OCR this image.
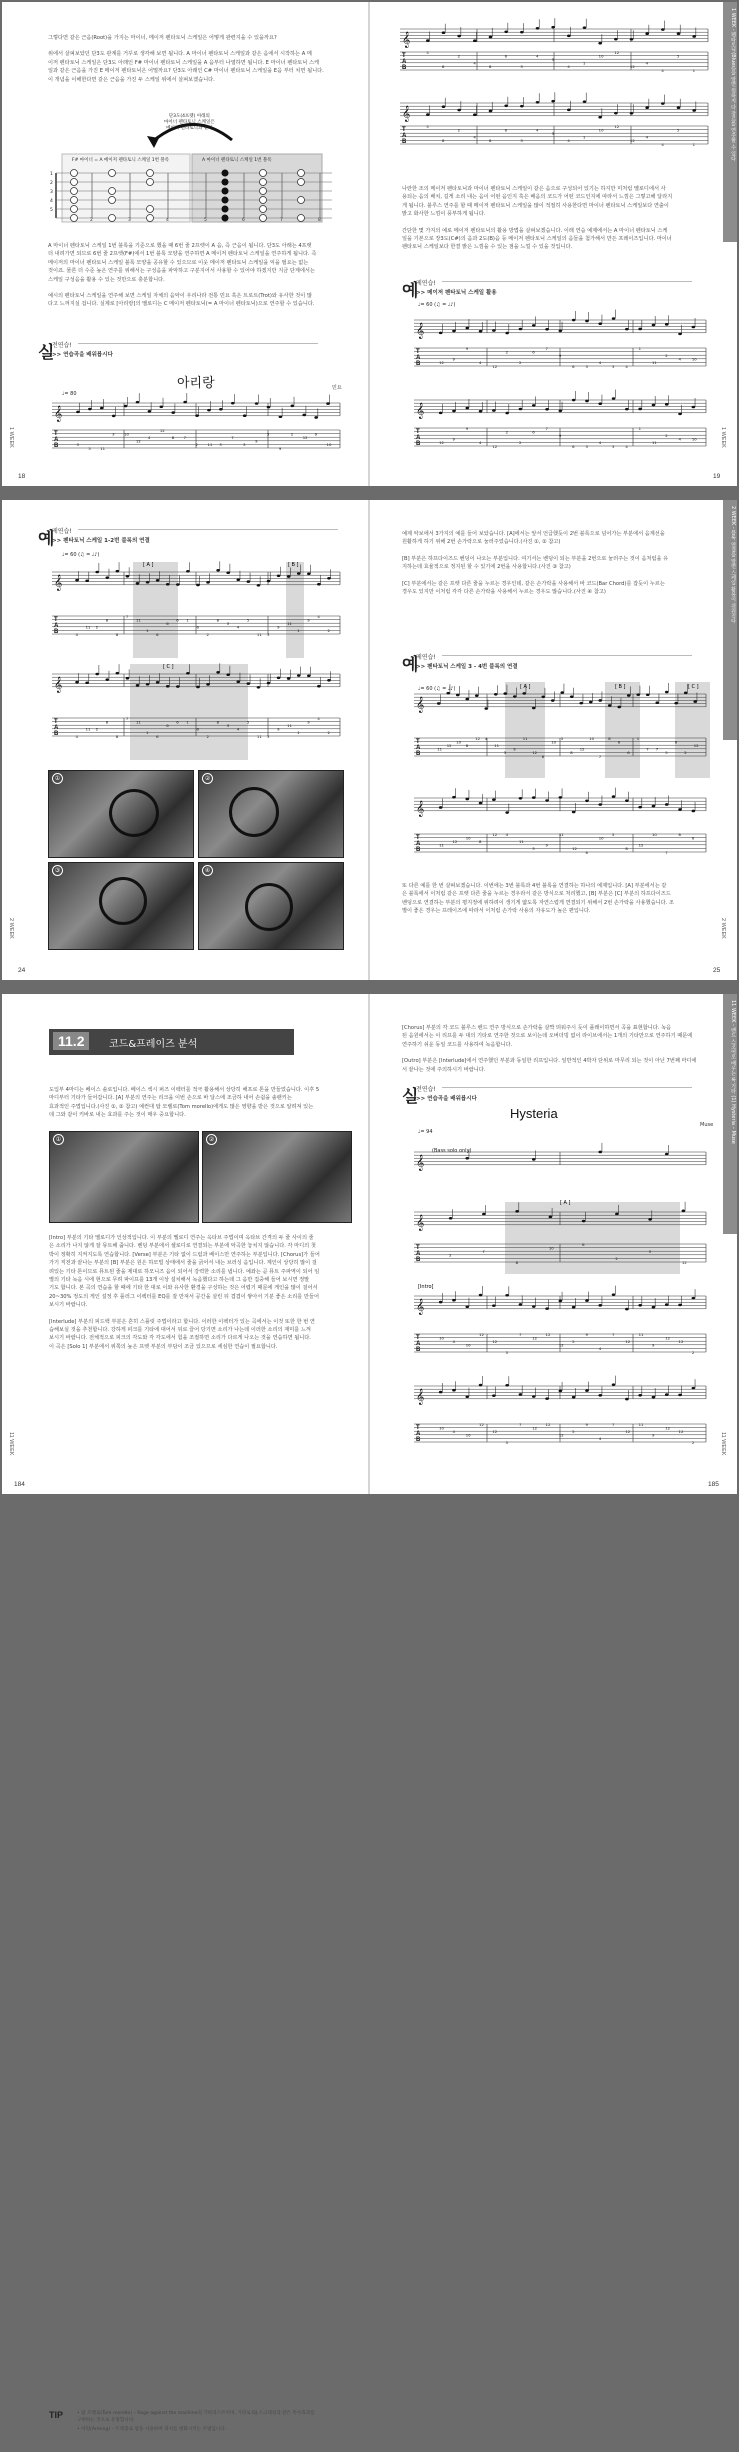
그렇다면 같은 근음(Root)을 가지는 마이너, 메이저 펜타토닉 스케일은 어떻게 관련지을 수 있을까요?
위에서 살펴보았던 단3도 관계를 거꾸로 생각해 보면 됩니다. A 마이너 펜타토닉 스케일과 같은 음에서 시작하는 A 메
이저 펜타토닉 스케일은 단3도 아래인 F# 마이너 펜타토닉 스케일을 A 음부터 나열하면 됩니다. E 마이너 펜타토닉 스케
일과 같은 근음을 가진 E 메이저 펜타토닉은 어떨까요? 단3도 아래인 C# 마이너 펜타토닉 스케일을 E음 부터 치면 됩니다.
이 개념을 이해한다면 같은 근음을 가진 두 스케일 위에서 살펴보겠습니다.
단3도(4프렛) 아래의
마이너 펜타토닉 스케일은
메이저 펜타토닉과 같다
F# 마이너 = A 메이저 펜타토닉 스케일 1번 블록	A 마이너 펜타토닉 스케일 1번 블록
1
2
3
4
5
2	3	4	5	6	7	8
A 마이너 펜타토닉 스케일 1번 블록을 기준으로 했을 때 6번 줄 2프렛이 A 음, 즉 근음이 됩니다. 단3도 아래는 4프렛
더 내려가면 되므로 6번 줄 2프렛(F#)에서 1번 블록 모양을 연주하면 A 메이저 펜타토닉 스케일을 연주하게 됩니다. 즉
메이저의 마이너 펜타토닉 스케일 블록 모양을 공유할 수 있으므로 이웃 메이저 펜타토닉 스케일을 익을 필요는 없는
것이죠. 물론 더 수준 높은 연주를 위해서는 구성음을 파악하고 구분지어서 사용할 수 있어야 하겠지만 지금 단계에서는
스케일 구성음을 활용 수 있는 것만으로 충분합니다.
예시의 펜타토닉 스케일을 연주해 보면 스케일 자체의 음악이 우리나라 전통 민요 혹은 트로트(Trot)와 유사한 것이 많
다고 느껴지실 겁니다. 실제로 [아리랑]의 멜로디는 C 메이저 펜타토닉(= A 마이너 펜타토닉)으로 연주할 수 있습니다.
실
전연습!
>> 연습곡을 배워봅시다
아리랑	민요
♩= 80
𝄞
T
A
B	3
5 11
3 10
12
4
12
8 7
2 11 3
7
3
9
5
9
2
12
9
10
1 WEEK
18
1 WEEK - 펜타토닉(Blues)을 알면 원하지 다 장르를 연주할 수 있다
𝄞
T
A
B
5
8
2
4
8
6
3
4
3
4
1
10
12
12
4
4
5
1
𝄞
T
A
B
5
8
2
4
8
6
3
4
3
4
1
10
12
12
4
4
5
1
나란한 조의 메이저 펜타토닉과 마이너 펜타토닉 스케일이 같은 음으로 구성되어 있기는 하지만 미처럼 멜로디에서 사
용되는 음의 배치, 길게 소리 내는 음이 어떤 음인지 혹은 배음의 코드가 어떤 코드인지에 따라서 느낌은 그렇고해 달라지
게 됩니다. 블루스 연주를 할 때 메이저 펜타토닉 스케일을 많이 적절히 사용한다면 마이너 펜타토닉 스케일보다 연출이
밝고 화사한 느낌이 풍부하게 됩니다.
간단한 몇 가지의 예로 메이저 펜타토닉의 활용 방법을 살펴보겠습니다. 이래 연습 예제에서는 A 마이너 펜타토닉 스케
일을 기본으로 장3도(C#)의 음과 2도(B)음 등 메이저 펜타토닉 스케일의 음들을 첨가해서 만든 프레이즈입니다. 마이너
펜타토닉 스케일보다 한결 밝은 느낌을 수 있는 점을 느낄 수 있을 것입니다.
예
제연습!
>> 메이저 펜타토닉 스케일 활용
♩= 60 (♫ = ♩♪)
𝄞
T
A
B	12
9
9
4
12
2
2
6
7
9
6	3
4
3	4
1
11
2
4	10
𝄞
T
A
B	12
9
9
4
12
2
2
6
7
9
6	3
4
3	4
1
11
2
4	10	1 WEEK
19
예
제연습!
>> 펜타토닉 스케일 1-2번 블록의 연결
♩= 60 (♫ = ♩♪)
𝄞
T
A
B	4
11 2
8
8
7
11
1
6
6
6 1
6
2
8
3
4
5
11 3
9
11
1
9
4
2
[ A ]	[ B ]
𝄞
T
A
B	4
11 2
8
8
7
11
1
6
6
6 1
6
2
8
3
4
5
11 3
9
11
1
9
4
2
[ C ]
①	②
③	④
2 WEEK
24
2 WEEK - 블록 연결을 알면 스케일 활용이 쉬워진다
예제 악보에서 3가지의 예를 들어 보았습니다. [A]에서는 앞서 언급했듯이 2번 블록으로 넘어가는 부분에서 음계선을
원활하게 하기 위해 2번 손가락으로 눌러주었습니다.(사진 ①, ② 참고)
[B] 부분은 하프다이즈드 벤딩이 나오는 부분입니다. 여기서는 벤딩이 되는 부분을 2번으로 눌러주는 것이 음처럼을 유
지하는데 효율적으로 정지된 할 수 있기에 2번을 사용합니다.(사진 ③ 참고)
[C] 부분에서는 같은 프렛 다른 줄을 누르는 경우인데, 같은 손가락을 사용해서 바 코드(Bar Chord)를 잡듯이 누르는
경우도 있지만 이처럼 각각 다른 손가락을 사용해서 누르는 경우도 많습니다.(사진 ④ 참고)
예
제연습!
>> 펜타토닉 스케일 3 - 4번 블록의 연결
♩= 60 (♫ = ♩♪)
𝄞
T
A
B
11
12
10
8
12 4
11
3
9
11
12
6
10
5
8
12
10
7
8
6
6
1
7 7
5
6
2
12
[ A ]	[ B ]	[ C ]
𝄞
T
A
B
11
12
10
8
12 4
11
3
9
11
12
6
10
5
8
12
10
7
8
6
또 다른 예를 한 번 살펴보겠습니다. 이번에는 3번 블록과 4번 블록을 연결하는 하나의 예제입니다. [A] 부분에서는 같
은 블록에서 이처럼 같은 프렛 다른 줄을 누르는 경우라서 같은 방식으로 처리했고, [B] 부분은 [C] 부분의 하프다이즈드
벤딩으로 연결하는 부분의 평지정에 위하려이 생기게 얇도록 자연스럽게 연결되기 위해서 2번 손가락을 사용했습니다. 조
별이 좋은 경우는 프레이즈에 따라서 이처럼 손가락 사용의 자유도가 높은 편입니다.
2 WEEK
25
11.2	코드&프레이즈 분석
도입부 4마디는 베이스 솔로입니다. 베이스 섹시 퍼즈 이펙터를 적극 활용해서 상당히 해프로 톤을 만들었습니다. 이후 5
마디부터 기타가 들어갑니다. [A] 부분의 연주는 리크을 이번 손으로 바 달스에 조금하 내어 손쉽을 솔랜키는
효과적인 주법입니다.(사진 ①, ② 참고) 예컨대 탑 모렐로(Tom morello)에게도 많은 영향을 받은 것으로 알려져 있는
데 그와 같이 키바로 내는 효과를 주는 것이 매우 중요합니다.
①	②
[Intro] 부분의 기타 멜로디가 인상적입니다. 이 부분의 멜로디 연주는 옥타브 주법이며 옥타브 간격의 두 줄 사이의 줄
은 소리가 나지 않게 잘 뮤트해 줍니다. 벤딩 부분에서 셀로디로 연결되는 부분에 악곡한 놓치지 않습니다. 각 마디의 첫
박이 정확히 지켜지도록 연습합니다. [Verse] 부분은 기타 없이 드럼과 베이스만 연주하는 부분입니다. [Chorus]가 들어
가기 직전과 끝나는 부분의 [B] 부분은 원은 하모빌 상태에서 줄을 긁어서 내는 브러싱 음입니다. 계인이 상당히 많이 걸
려있는 기타 톤이므로 뮤트된 줄을 제대로 하모니즈 음이 되어서 강력한 소리를 냅니다. 예좌는 곧 뮤트 주파역이 되어 임
별의 기타 녹음 시에 현으로 무려 파이프를 13개 이상 설치해서 녹음했다고 하는데 그 음만 집중해 들어 보시면 정말
기도 합니다. 본 곡의 연습을 할 때에 기타 한 대로 이와 유사한 환경을 구성하는 것은 어렵기 때문에 게인을 많이 걸어서
20~30% 정도의 게인 설정 후 플러그 이펙터를 EQ를 잘 만져서 공간을 살린 뒤 겹겹이 쌓아서 기분 좋은 소리를 만들어
보시기 바랍니다.
[Interlude] 부분의 피드백 부분은 흔히 스플릿 주법이라고 합니다. 이러한 이펙터가 있는 곡에서는 이것 또한 한 번 연
습해보실 것을 추천합니다. 강하게 피크를 기타에 대어서 뒤로 끌어 당기면 소리가 나는데 이러한 소리의 재미를 느껴
보시기 바랍니다. 전체적으로 피크의 각도와 각 각도에서 힘을 조절하면 소리가 다르게 나오는 것을 연습하면 됩니다.
이 곡은 [Solo 1] 부분에서 위쪽의 높은 프렛 부분의 부담이 조금 있으므로 세심한 연습이 필요합니다.
TIP	• 탐 모렐로(Tom morello) – Rage against the machine의 기타리스트이며, 기타로 DJ 스크래칭과 같은 특수효과를
구현하는 것으로 유명합니다.
• 아밍(Arming) – 트레몰로 암을 사용하여 피치를 변화시키는 주법입니다.
11 WEEK
184
11 WEEK - 밴드 스코어로 배우는 록 기타 (1) Hysteria – Muse
[Chorus] 부분의 각 코드 블루스 밴드 연주 방식으로 손가락을 살짝 띄워주시 듯이 플레이하면서 곡을 표현합니다. 녹음
된 음원에서는 이 리프를 두 대의 기타로 연주한 것으로 보이는데 오버더빙 없이 라이브에서는 1개의 기타만으로 연주하기 때문에
연주하기 쉬운 동일 코드를 사용하여 녹음합니다.
[Outro] 부분은 [Interlude]에서 연주했던 부분과 동일한 리프입니다. 일반적인 4박자 단위로 마무리 되는 것이 아닌 7번째 마디에
서 끝나는 것에 주의하시기 바랍니다.
실
전연습!
>> 연습곡을 배워봅시다
Hysteria
Muse
♩= 94
(Bass solo only)
𝄞
𝄞
T
A
B
2
7
8
10
6
2
3
12
[ A ]
𝄞
T
A
B
10
4
10
12
12
5
7
12
12
12
5
9
4
7
12
11
9
12
12
2
[Intro]
𝄞
T
A
B
10
4
10
12
12
5
7
12
12
12
5
9
4
7
12
11
9
12
12
2	11 WEEK
185
